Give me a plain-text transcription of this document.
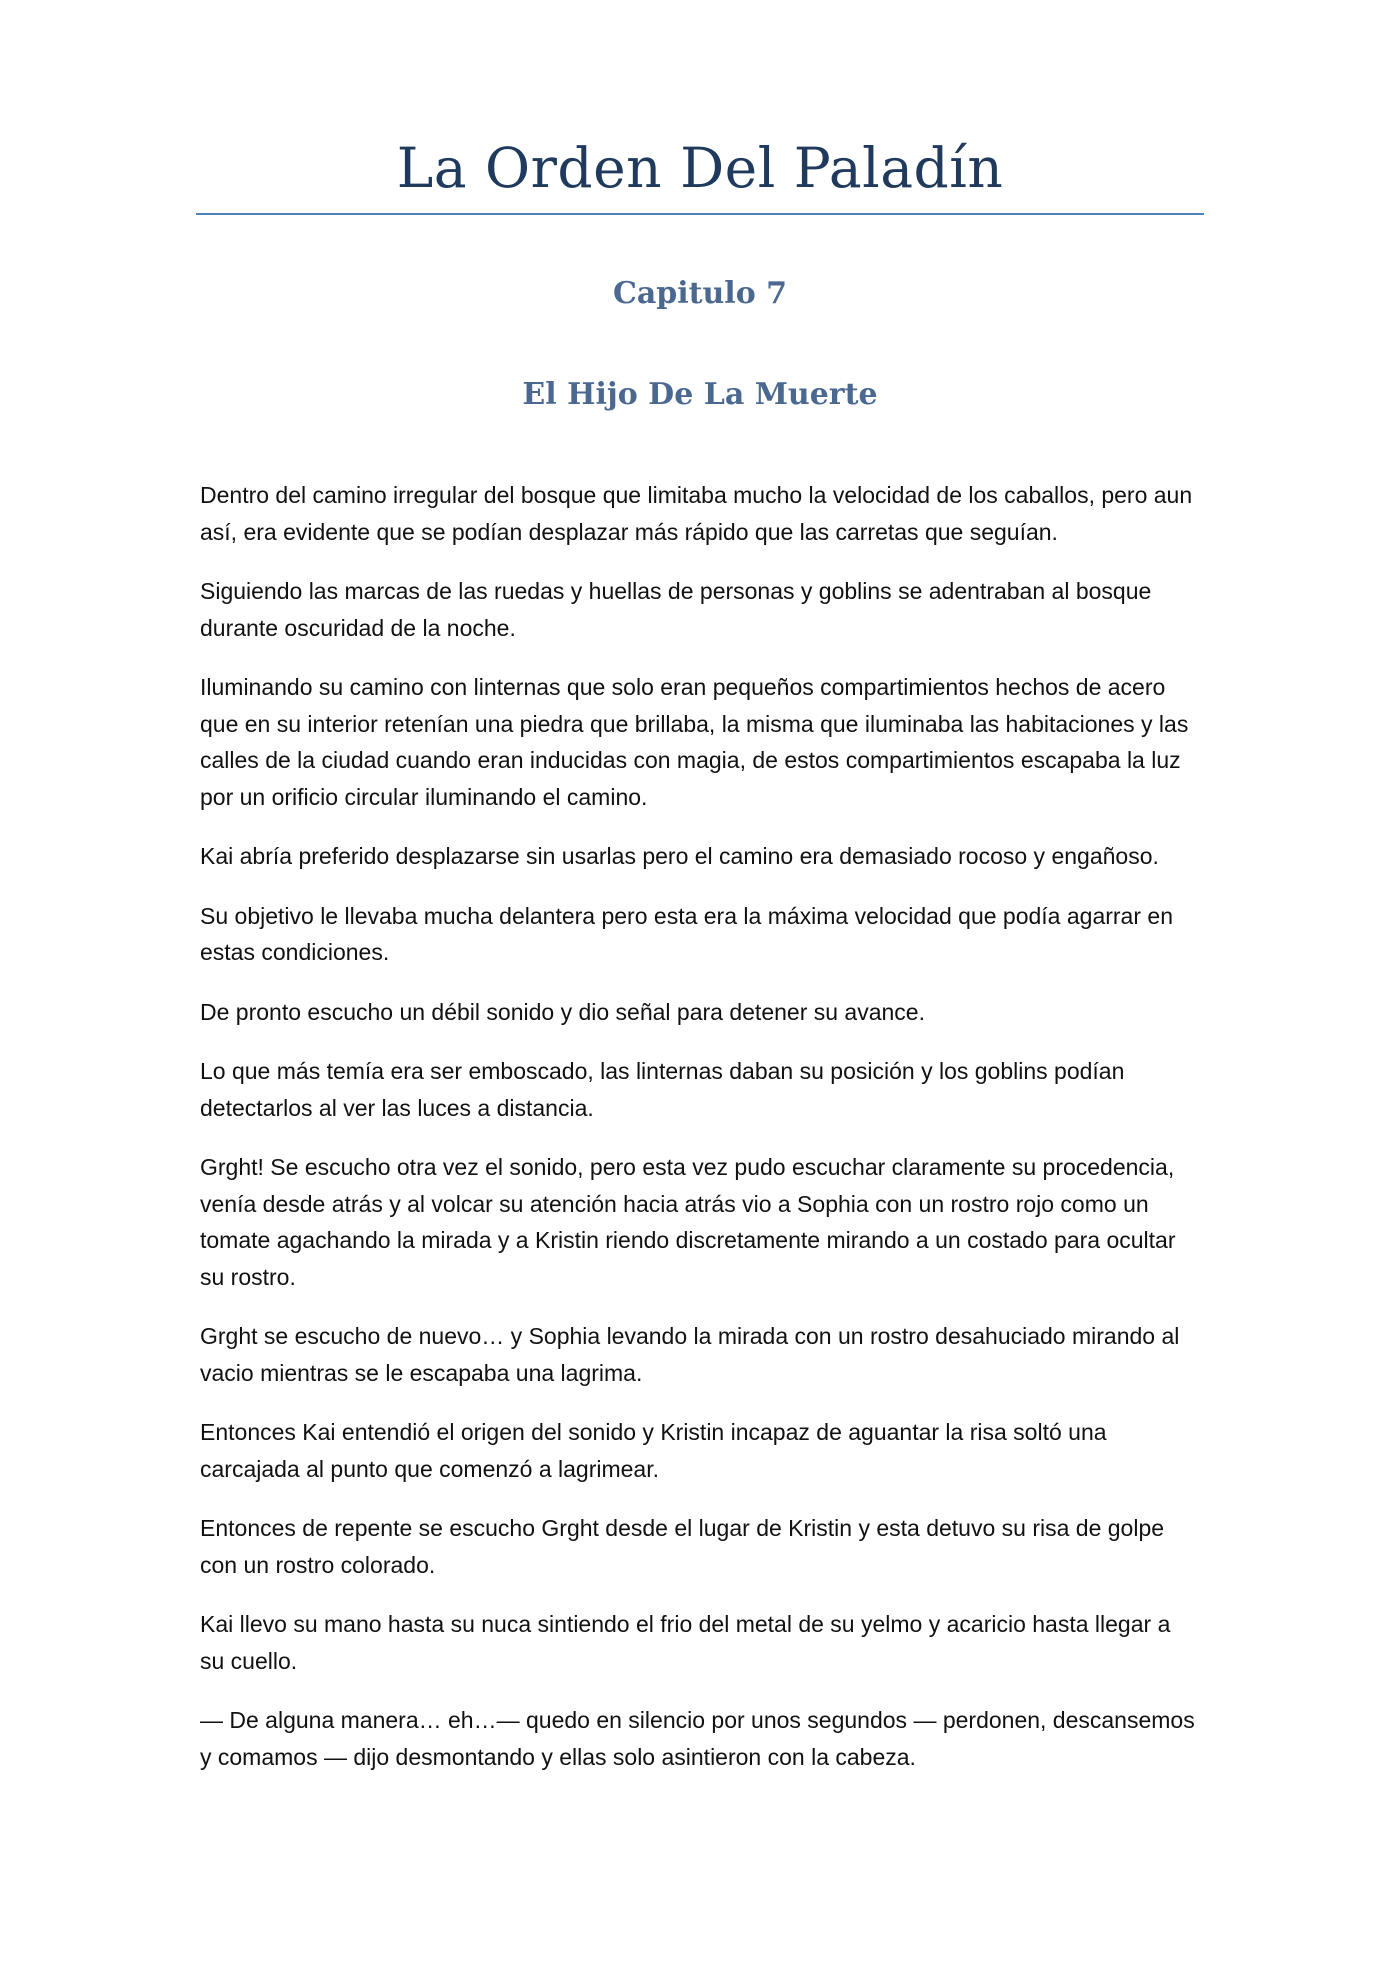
La Orden Del Paladín
Capitulo 7
El Hijo De La Muerte

Dentro del camino irregular del bosque que limitaba mucho la velocidad de los caballos, pero aun así, era evidente que se podían desplazar más rápido que las carretas que seguían.

Siguiendo las marcas de las ruedas y huellas de personas y goblins se adentraban al bosque durante oscuridad de la noche.

Iluminando su camino con linternas que solo eran pequeños compartimientos hechos de acero que en su interior retenían una piedra que brillaba, la misma que iluminaba las habitaciones y las calles de la ciudad cuando eran inducidas con magia, de estos compartimientos escapaba la luz por un orificio circular iluminando el camino.

Kai abría preferido desplazarse sin usarlas pero el camino era demasiado rocoso y engañoso.

Su objetivo le llevaba mucha delantera pero esta era la máxima velocidad que podía agarrar en estas condiciones.

De pronto escucho un débil sonido y dio señal para detener su avance.

Lo que más temía era ser emboscado, las linternas daban su posición y los goblins podían detectarlos al ver las luces a distancia.

Grght! Se escucho otra vez el sonido, pero esta vez pudo escuchar claramente su procedencia, venía desde atrás y al volcar su atención hacia atrás vio a Sophia con un rostro rojo como un tomate agachando la mirada y a Kristin riendo discretamente mirando a un costado para ocultar su rostro.

Grght se escucho de nuevo… y Sophia levando la mirada con un rostro desahuciado mirando al vacio mientras se le escapaba una lagrima.

Entonces Kai entendió el origen del sonido y Kristin incapaz de aguantar la risa soltó una carcajada al punto que comenzó a lagrimear.

Entonces de repente se escucho Grght desde el lugar de Kristin y esta detuvo su risa de golpe con un rostro colorado.

Kai llevo su mano hasta su nuca sintiendo el frio del metal de su yelmo y acaricio hasta llegar a su cuello.

— De alguna manera… eh…— quedo en silencio por unos segundos — perdonen, descansemos y comamos — dijo desmontando y ellas solo asintieron con la cabeza.
